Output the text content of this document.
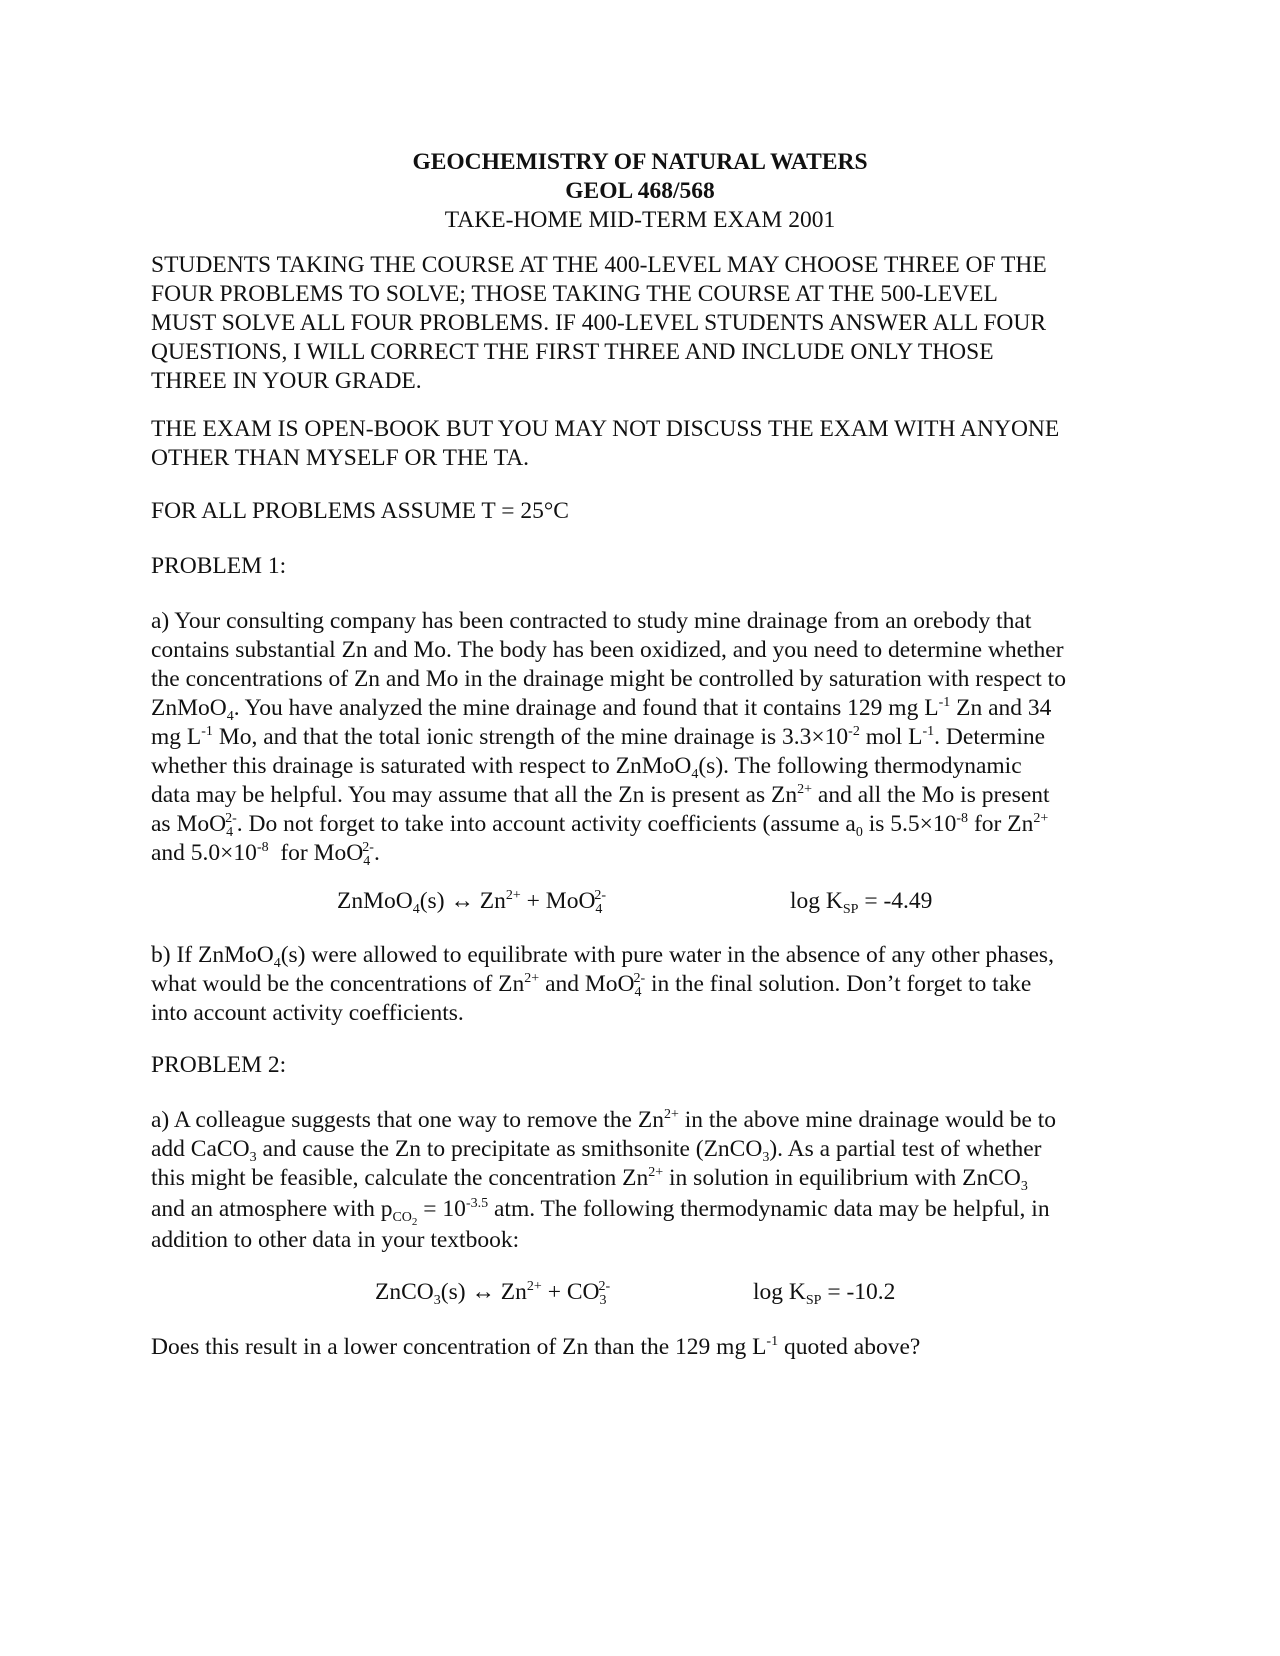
GEOCHEMISTRY OF NATURAL WATERS
GEOL 468/568
TAKE-HOME MID-TERM EXAM 2001
STUDENTS TAKING THE COURSE AT THE 400-LEVEL MAY CHOOSE THREE OF THE
FOUR PROBLEMS TO SOLVE; THOSE TAKING THE COURSE AT THE 500-LEVEL
MUST SOLVE ALL FOUR PROBLEMS. IF 400-LEVEL STUDENTS ANSWER ALL FOUR
QUESTIONS, I WILL CORRECT THE FIRST THREE AND INCLUDE ONLY THOSE
THREE IN YOUR GRADE.
THE EXAM IS OPEN-BOOK BUT YOU MAY NOT DISCUSS THE EXAM WITH ANYONE
OTHER THAN MYSELF OR THE TA.
FOR ALL PROBLEMS ASSUME T = 25°C
PROBLEM 1:
a) Your consulting company has been contracted to study mine drainage from an orebody that
contains substantial Zn and Mo. The body has been oxidized, and you need to determine whether
the concentrations of Zn and Mo in the drainage might be controlled by saturation with respect to
ZnMoO$_4$. You have analyzed the mine drainage and found that it contains 129 mg $L^{-1}$ Zn and 34
mg $L^{-1}$ Mo, and that the total ionic strength of the mine drainage is $3.3\times 10^{-2}$ mol $L^{-1}$. Determine
whether this drainage is saturated with respect to ZnMoO$_4$(s). The following thermodynamic
data may be helpful. You may assume that all the Zn is present as $Zn^{2+}$ and all the Mo is present
as MoO$_4^{2-}$. Do not forget to take into account activity coefficients (assume $a_0$ is $5.5\times 10^{-8}$ for $Zn^{2+}$
and $5.0\times 10^{-8}$  for MoO$_4^{2-}$.
ZnMoO$_4$(s) ↔ $Zn^{2+} + MoO_4^{2-}$	$\log K_{SP} = -4.49$
b) If ZnMoO$_4$(s) were allowed to equilibrate with pure water in the absence of any other phases,
what would be the concentrations of $Zn^{2+}$ and MoO$_4^{2-}$ in the final solution. Don’t forget to take
into account activity coefficients.
PROBLEM 2:
a) A colleague suggests that one way to remove the $Zn^{2+}$ in the above mine drainage would be to
add CaCO$_3$ and cause the Zn to precipitate as smithsonite (ZnCO$_3$). As a partial test of whether
this might be feasible, calculate the concentration $Zn^{2+}$ in solution in equilibrium with ZnCO$_3$
and an atmosphere with $p_{CO2} = 10^{-3.5}$ atm. The following thermodynamic data may be helpful, in
addition to other data in your textbook:
ZnCO$_3$(s) ↔ $Zn^{2+} + CO_3^{2-}$	$\log K_{SP} = -10.2$
Does this result in a lower concentration of Zn than the 129 mg $L^{-1}$ quoted above?
